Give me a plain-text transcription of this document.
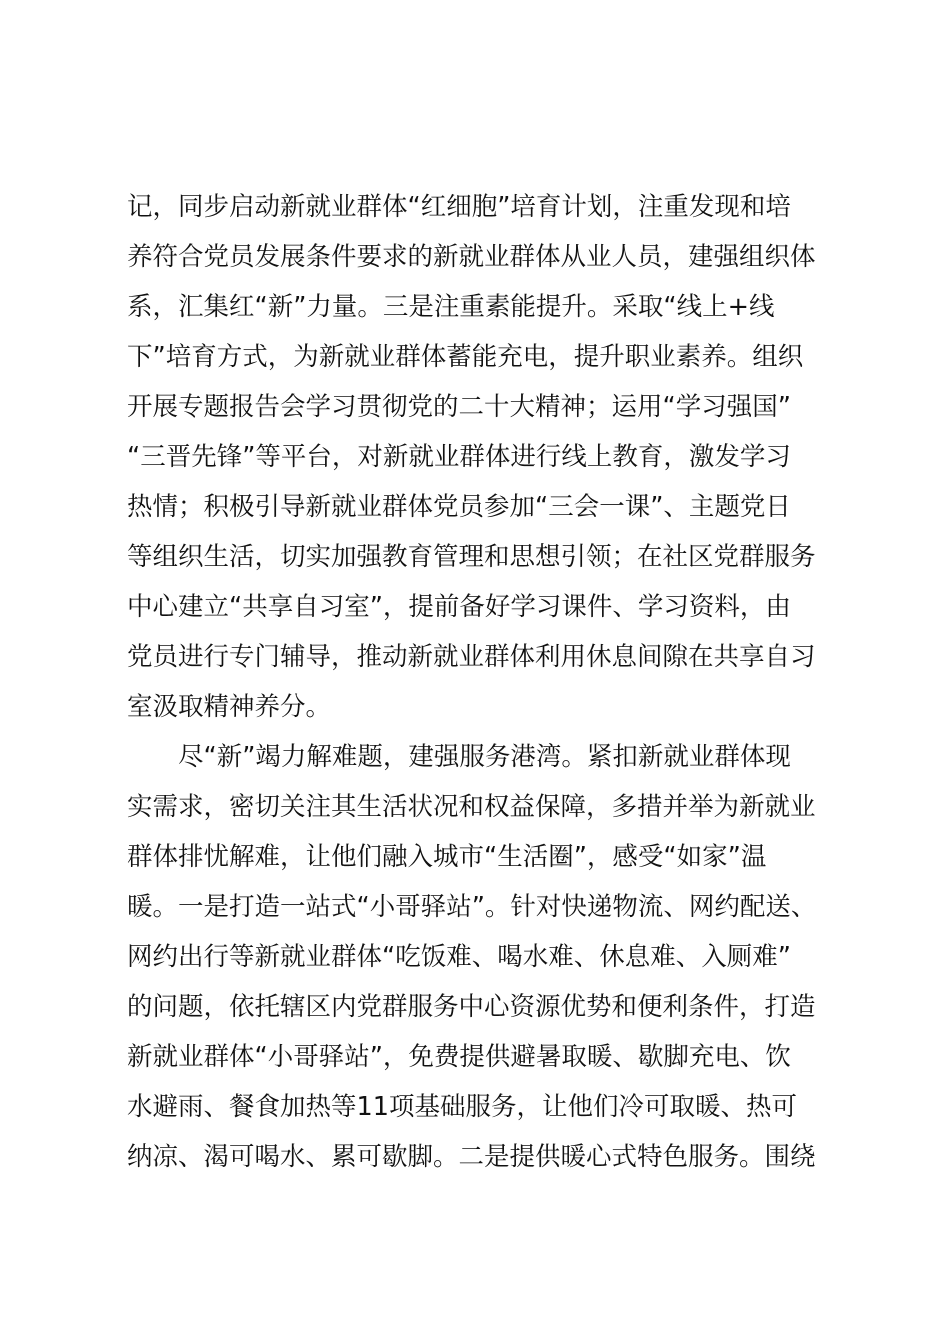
记，同步启动新就业群体“红细胞”培育计划，注重发现和培
养符合党员发展条件要求的新就业群体从业人员，建强组织体
系，汇集红“新”力量。三是注重素能提升。采取“线上+线
下”培育方式，为新就业群体蓄能充电，提升职业素养。组织
开展专题报告会学习贯彻党的二十大精神；运用“学习强国”
“三晋先锋”等平台，对新就业群体进行线上教育，激发学习
热情；积极引导新就业群体党员参加“三会一课”、主题党日
等组织生活，切实加强教育管理和思想引领；在社区党群服务
中心建立“共享自习室”，提前备好学习课件、学习资料，由
党员进行专门辅导，推动新就业群体利用休息间隙在共享自习
室汲取精神养分。
　　尽“新”竭力解难题，建强服务港湾。紧扣新就业群体现
实需求，密切关注其生活状况和权益保障，多措并举为新就业
群体排忧解难，让他们融入城市“生活圈”，感受“如家”温
暖。一是打造一站式“小哥驿站”。针对快递物流、网约配送、
网约出行等新就业群体“吃饭难、喝水难、休息难、入厕难”
的问题，依托辖区内党群服务中心资源优势和便利条件，打造
新就业群体“小哥驿站”，免费提供避暑取暖、歇脚充电、饮
水避雨、餐食加热等11项基础服务，让他们冷可取暖、热可
纳凉、渴可喝水、累可歇脚。二是提供暖心式特色服务。围绕
